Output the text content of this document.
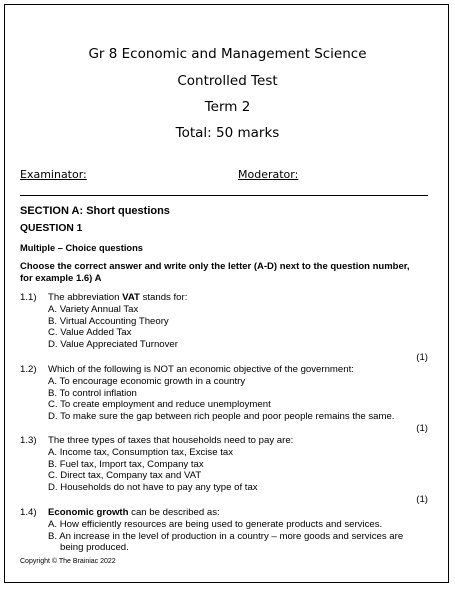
Gr 8 Economic and Management Science
Controlled Test
Term 2
Total: 50 marks
Examinator:	Moderator:
SECTION A: Short questions
QUESTION 1
Multiple – Choice questions
Choose the correct answer and write only the letter (A-D) next to the question number,
for example 1.6) A
1.1) The abbreviation VAT stands for:
A. Variety Annual Tax
B. Virtual Accounting Theory
C. Value Added Tax
D. Value Appreciated Turnover
(1)
1.2) Which of the following is NOT an economic objective of the government:
A. To encourage economic growth in a country
B. To control inflation
C. To create employment and reduce unemployment
D. To make sure the gap between rich people and poor people remains the same.
(1)
1.3) The three types of taxes that households need to pay are:
A. Income tax, Consumption tax, Excise tax
B. Fuel tax, Import tax, Company tax
C. Direct tax, Company tax and VAT
D. Households do not have to pay any type of tax
(1)
1.4) Economic growth can be described as:
A. How efficiently resources are being used to generate products and services.
B. An increase in the level of production in a country – more goods and services are
being produced.
Copyright © The Brainiac 2022
